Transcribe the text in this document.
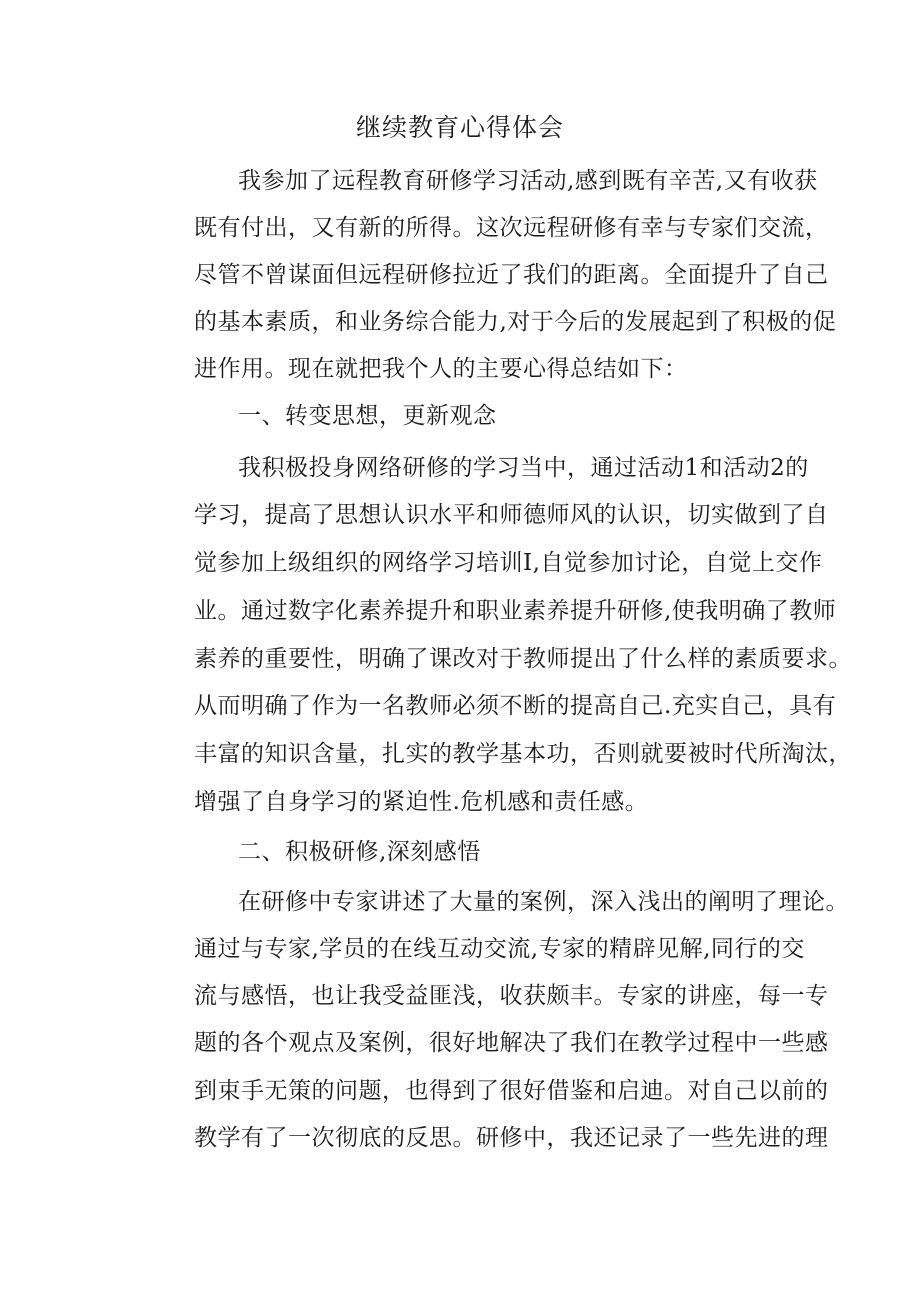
继续教育心得体会
我参加了远程教育研修学习活动,感到既有辛苦,又有收获
既有付出，又有新的所得。这次远程研修有幸与专家们交流，
尽管不曾谋面但远程研修拉近了我们的距离。全面提升了自己
的基本素质，和业务综合能力,对于今后的发展起到了积极的促
进作用。现在就把我个人的主要心得总结如下：
一、转变思想，更新观念
我积极投身网络研修的学习当中，通过活动1和活动2的
学习，提高了思想认识水平和师德师风的认识，切实做到了自
觉参加上级组织的网络学习培训I,自觉参加讨论，自觉上交作
业。通过数字化素养提升和职业素养提升研修,使我明确了教师
素养的重要性，明确了课改对于教师提出了什么样的素质要求。
从而明确了作为一名教师必须不断的提高自己.充实自己，具有
丰富的知识含量，扎实的教学基本功，否则就要被时代所淘汰，
增强了自身学习的紧迫性.危机感和责任感。
二、积极研修,深刻感悟
在研修中专家讲述了大量的案例，深入浅出的阐明了理论。
通过与专家,学员的在线互动交流,专家的精辟见解,同行的交
流与感悟，也让我受益匪浅，收获颇丰。专家的讲座，每一专
题的各个观点及案例，很好地解决了我们在教学过程中一些感
到束手无策的问题，也得到了很好借鉴和启迪。对自己以前的
教学有了一次彻底的反思。研修中，我还记录了一些先进的理
